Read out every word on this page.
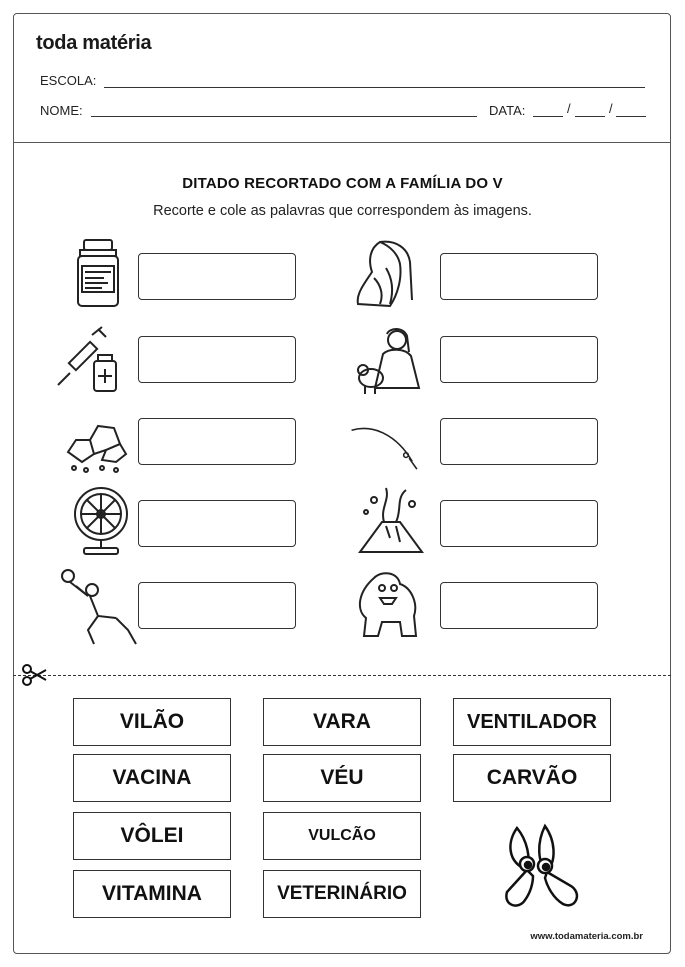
toda matéria
ESCOLA:
NOME:	DATA:	/	/
DITADO RECORTADO COM A FAMÍLIA DO V
Recorte e cole as palavras que correspondem às imagens.
VILÃO	VARA	VENTILADOR
VACINA	VÉU	CARVÃO
VÔLEI	VULCÃO
VITAMINA	VETERINÁRIO
www.todamateria.com.br
